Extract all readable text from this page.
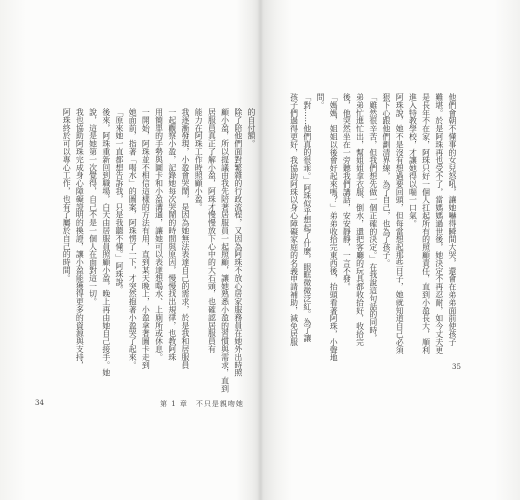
的自付額。
除了陪他們面對繁雜的行政流程，又因為阿珠不放心居家服務員在她外出時照
顧小盈，所以提議由我先陪著居服員一起照顧，讓她熟悉小盈的習慣與需求，直到
居服員真正了解小盈，阿珠才慢慢放下心中的大石頭，也確認居服員有
能力在阿珠工作時照顧小盈。
我逐漸發現，小盈會哭鬧，是因為她無法表達自己的需求，於是我和居服員
一起觀察小盈，記錄她每次哭鬧的時間與原因，慢慢找出規律，也教阿珠
用簡單的手勢與圖卡和小盈溝通，讓她可以表達想喝水、上廁所或休息。
一開始，阿珠並不相信這樣的方法有用，直到某天晚上，小盈拿著圖卡走到
她面前，指著「喝水」的圖案，阿珠愣了一下，才突然抱著小盈哭了起來。
「原來她一直都想告訴我，只是我聽不懂。」阿珠說。
後來，阿珠重新回到職場，白天由居服員照顧小盈，晚上再由她自己接手。她
說，這是她第一次覺得，自己不是一個人在面對這一切。
我也協助阿珠完成身心障礙證明的換證，讓小盈能獲得更多的資源與支持，
阿珠終於可以專心工作，也有了屬於自己的時間。
34	第 1 章 不只是親吻她
他們會朝不懂事的女兒怒吼，讓她嚇得瞬間大哭，還會在弟弟面前使孩子
難堪。於是阿珠再也受不了，當媽媽過世後，她決定不再忍耐，如今丈夫更
是長年不在家，阿珠只好一個人扛起所有的照顧責任，直到小盈長大，順利
進入特教學校，才讓她得以喘一口氣。
阿珠說，她不是沒有想過要回頭，但每當想起那些日子，她就知道自己必須
狠下心跟他們劃清界線，為了自己，也為了孩子。
「雖然很辛苦，但我們想先做一個正確的決定。」在我說這句話的同時，
弟弟忙進忙出，幫姐姐拿衣服、倒水，還把客廳的玩具都收拾好，收拾完
後，他突然坐在一旁聽我們講話，安安靜靜，一言不發。
「媽媽，姐姐以後會好起來嗎？」弟弟收拾完東西後，抬頭看著阿珠，小聲地
問。
「對……他們真的很乖。」阿珠似乎想起了什麼，眼眶微微泛紅。為了讓
孩子們過得更好，我協助阿珠以身心障礙家庭的名義申請補助，減免居服
35
